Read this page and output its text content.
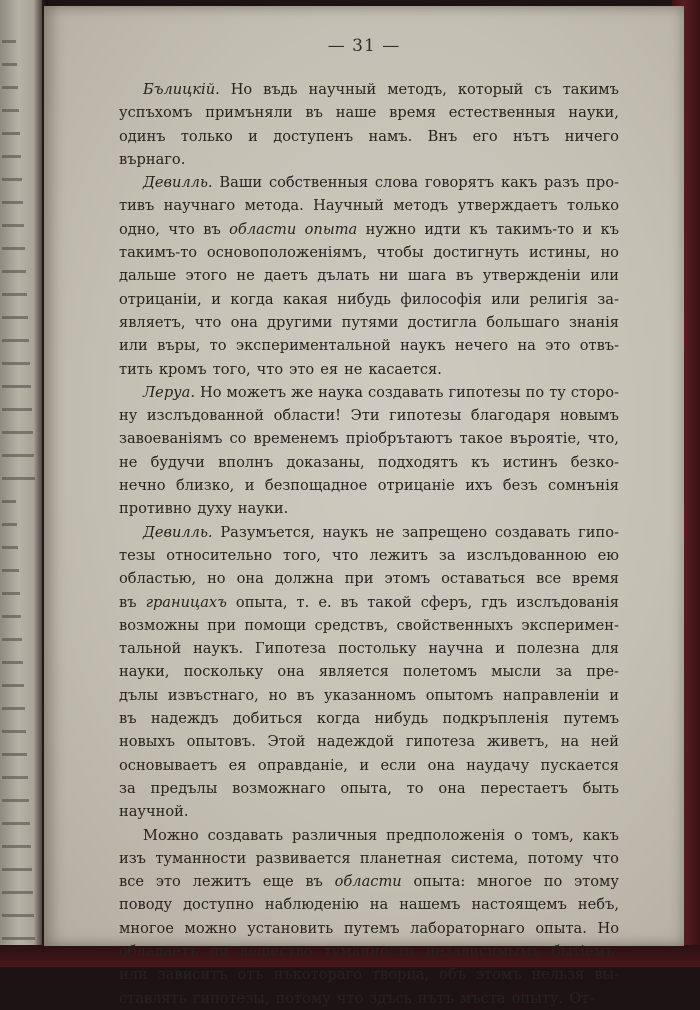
— 31 —
Бълицкій. Но въдь научный методъ, который съ такимъ
успъхомъ примъняли въ наше время естественныя науки,
одинъ только и доступенъ намъ. Внъ его нътъ ничего
върнаго.
Девилль. Ваши собственныя слова говорятъ какъ разъ про-
тивъ научнаго метода. Научный методъ утверждаетъ только
одно, что въ области опыта нужно идти къ такимъ-то и къ
такимъ-то основоположеніямъ, чтобы достигнуть истины, но
дальше этого не даетъ дълать ни шага въ утвержденіи или
отрицаніи, и когда какая нибудь философія или религія за-
являетъ, что она другими путями достигла большаго знанія
или въры, то экспериментальной наукъ нечего на это отвъ-
тить кромъ того, что это ея не касается.
Леруа. Но можетъ же наука создавать гипотезы по ту сторо-
ну изслъдованной области! Эти гипотезы благодаря новымъ
завоеваніямъ со временемъ пріобрътаютъ такое въроятіе, что,
не будучи вполнъ доказаны, подходятъ къ истинъ безко-
нечно близко, и безпощадное отрицаніе ихъ безъ сомнънія
противно духу науки.
Девилль. Разумъется, наукъ не запрещено создавать гипо-
тезы относительно того, что лежитъ за изслъдованною ею
областью, но она должна при этомъ оставаться все время
въ границахъ опыта, т. е. въ такой сферъ, гдъ изслъдованія
возможны при помощи средствъ, свойственныхъ эксперимен-
тальной наукъ. Гипотеза постольку научна и полезна для
науки, поскольку она является полетомъ мысли за пре-
дълы извъстнаго, но въ указанномъ опытомъ направленіи и
въ надеждъ добиться когда нибудь подкръпленія путемъ
новыхъ опытовъ. Этой надеждой гипотеза живетъ, на ней
основываетъ ея оправданіе, и если она наудачу пускается
за предълы возможнаго опыта, то она перестаетъ быть
научной.
Можно создавать различныя предположенія о томъ, какъ
изъ туманности развивается планетная система, потому что
все это лежитъ еще въ области опыта: многое по этому
поводу доступно наблюденію на нашемъ настоящемъ небъ,
многое можно установить путемъ лабораторнаго опыта. Но
обладаетъ ли вещество туманности независимымъ бытіемъ,
или зависитъ отъ нъкотораго творца, объ этомъ нельзя вы-
ставлять гипотезы, потому что здъсь нътъ мъста опыту. От-
